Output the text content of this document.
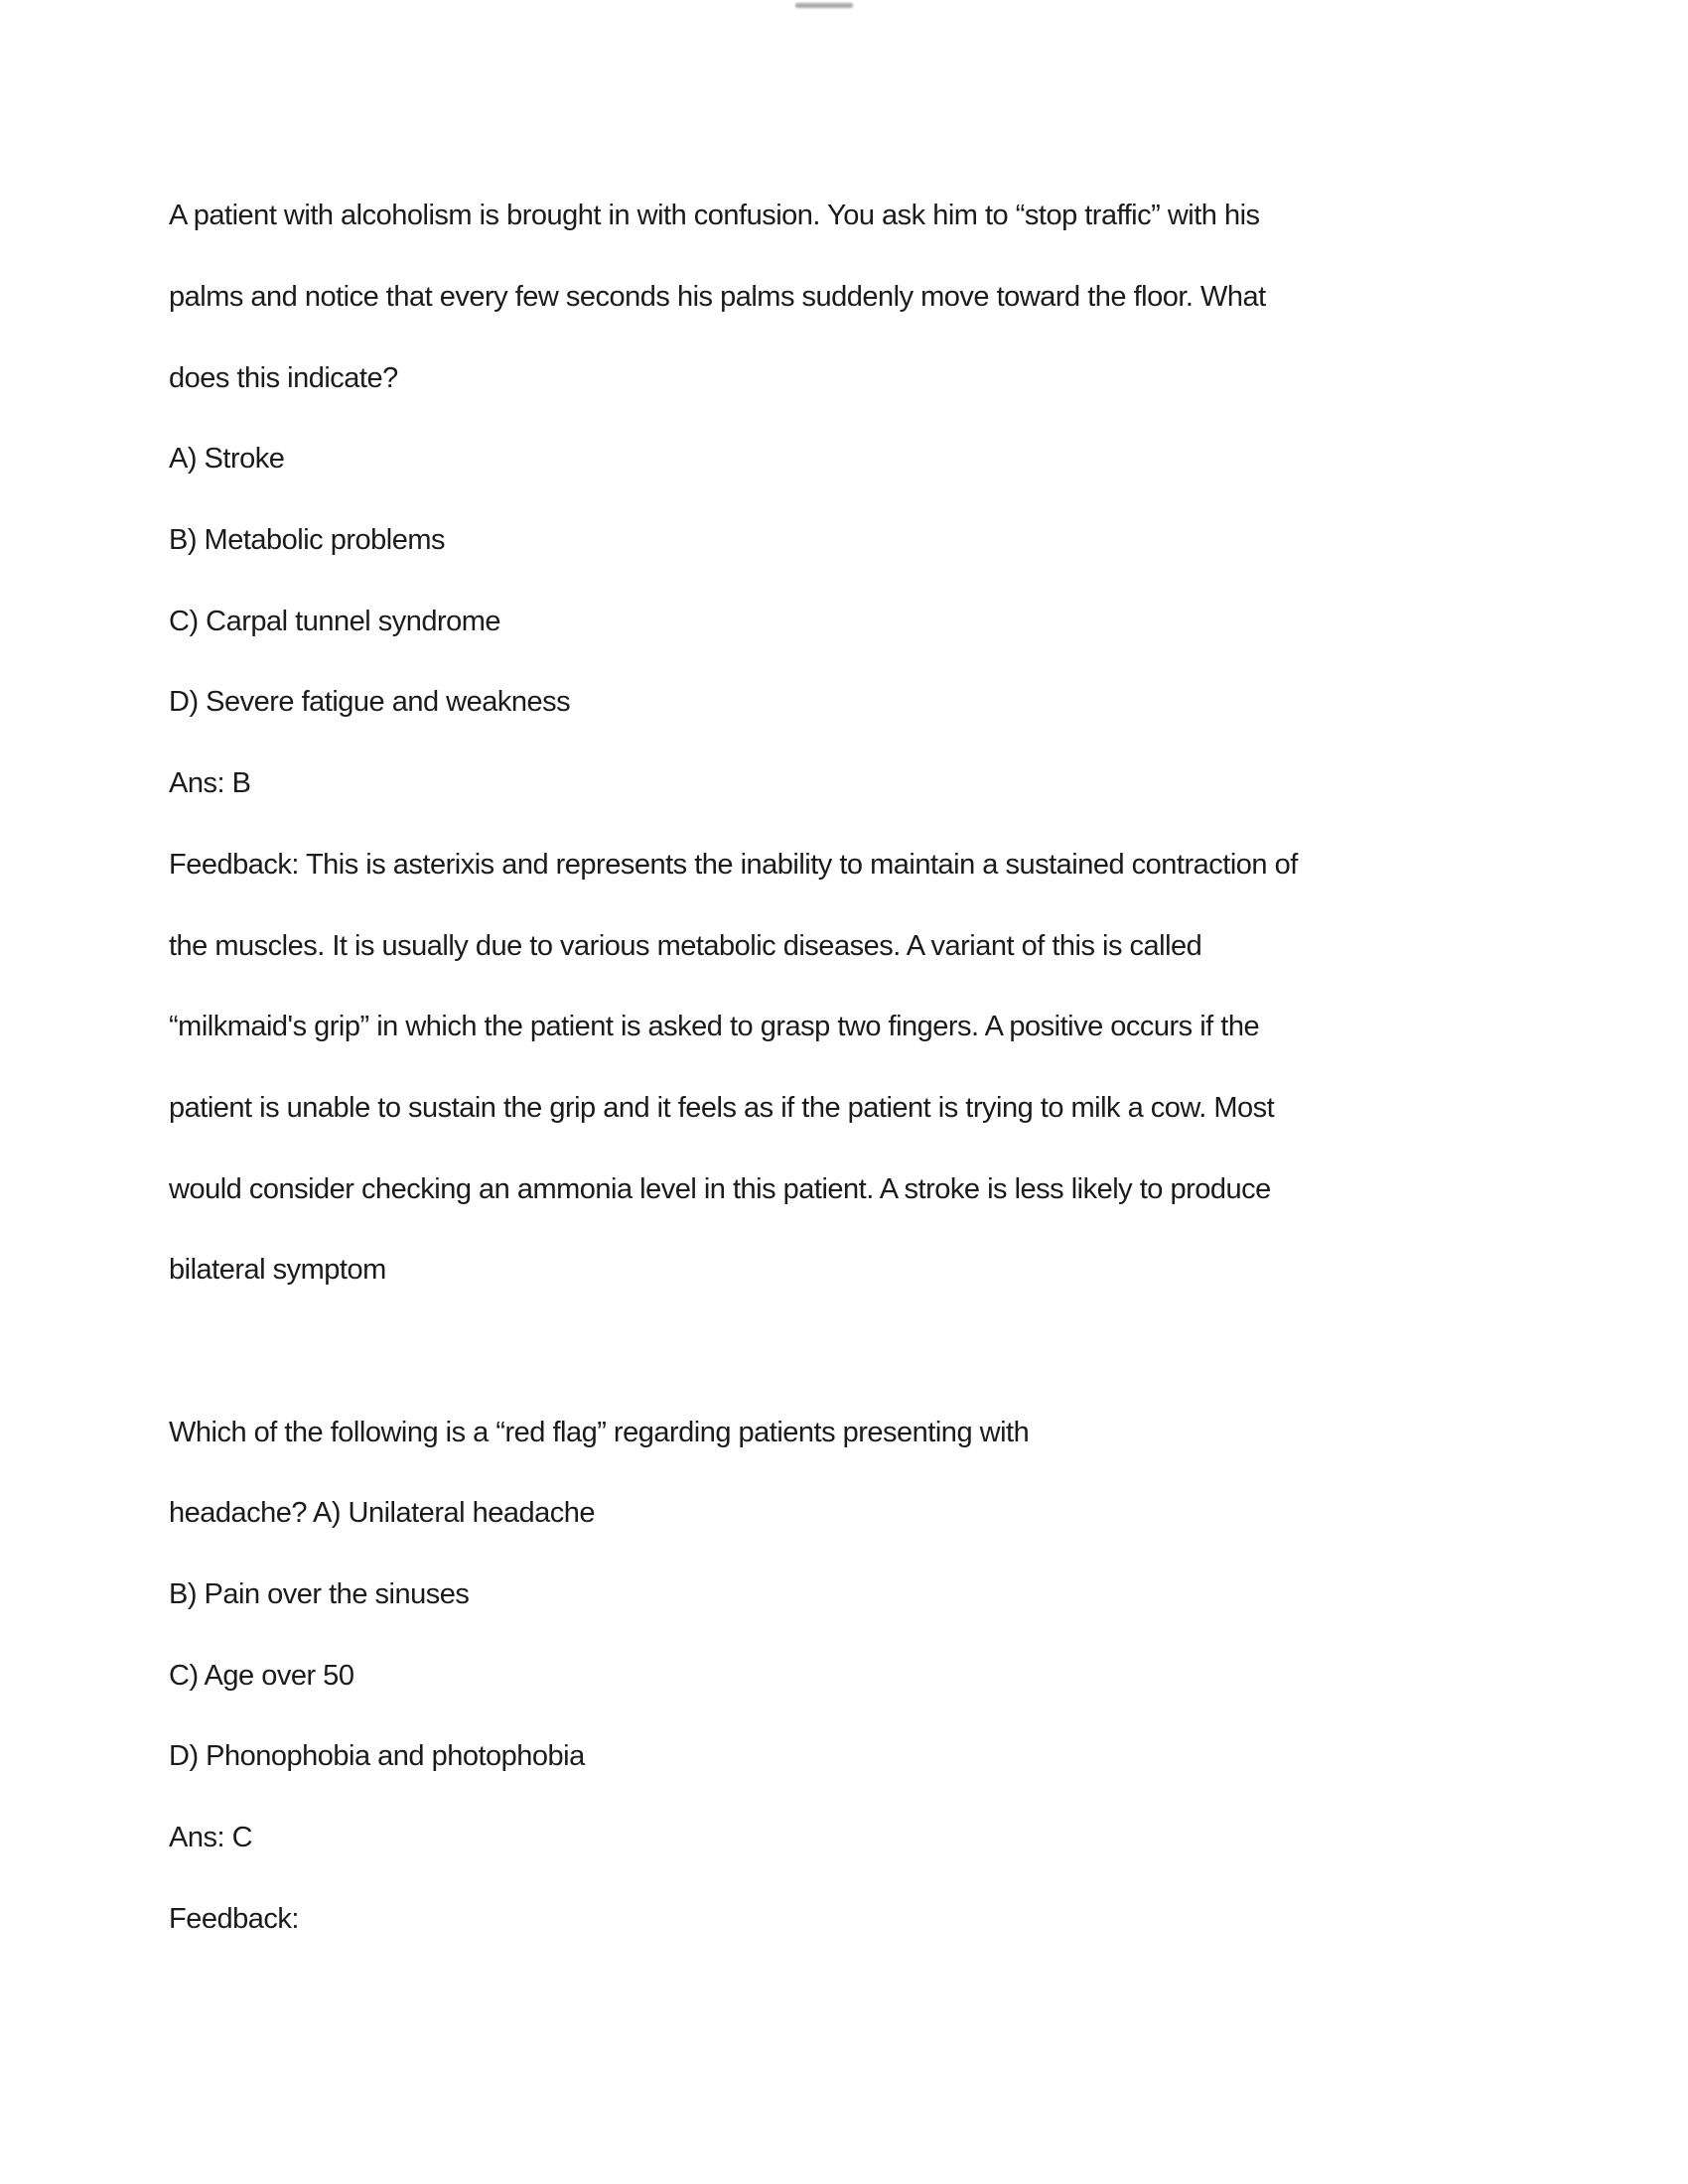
A patient with alcoholism is brought in with confusion. You ask him to “stop traffic” with his
palms and notice that every few seconds his palms suddenly move toward the floor. What
does this indicate?
A) Stroke
B) Metabolic problems
C) Carpal tunnel syndrome
D) Severe fatigue and weakness
Ans: B
Feedback: This is asterixis and represents the inability to maintain a sustained contraction of
the muscles. It is usually due to various metabolic diseases. A variant of this is called
“milkmaid's grip” in which the patient is asked to grasp two fingers. A positive occurs if the
patient is unable to sustain the grip and it feels as if the patient is trying to milk a cow. Most
would consider checking an ammonia level in this patient. A stroke is less likely to produce
bilateral symptom
Which of the following is a “red flag” regarding patients presenting with
headache? A) Unilateral headache
B) Pain over the sinuses
C) Age over 50
D) Phonophobia and photophobia
Ans: C
Feedback:
